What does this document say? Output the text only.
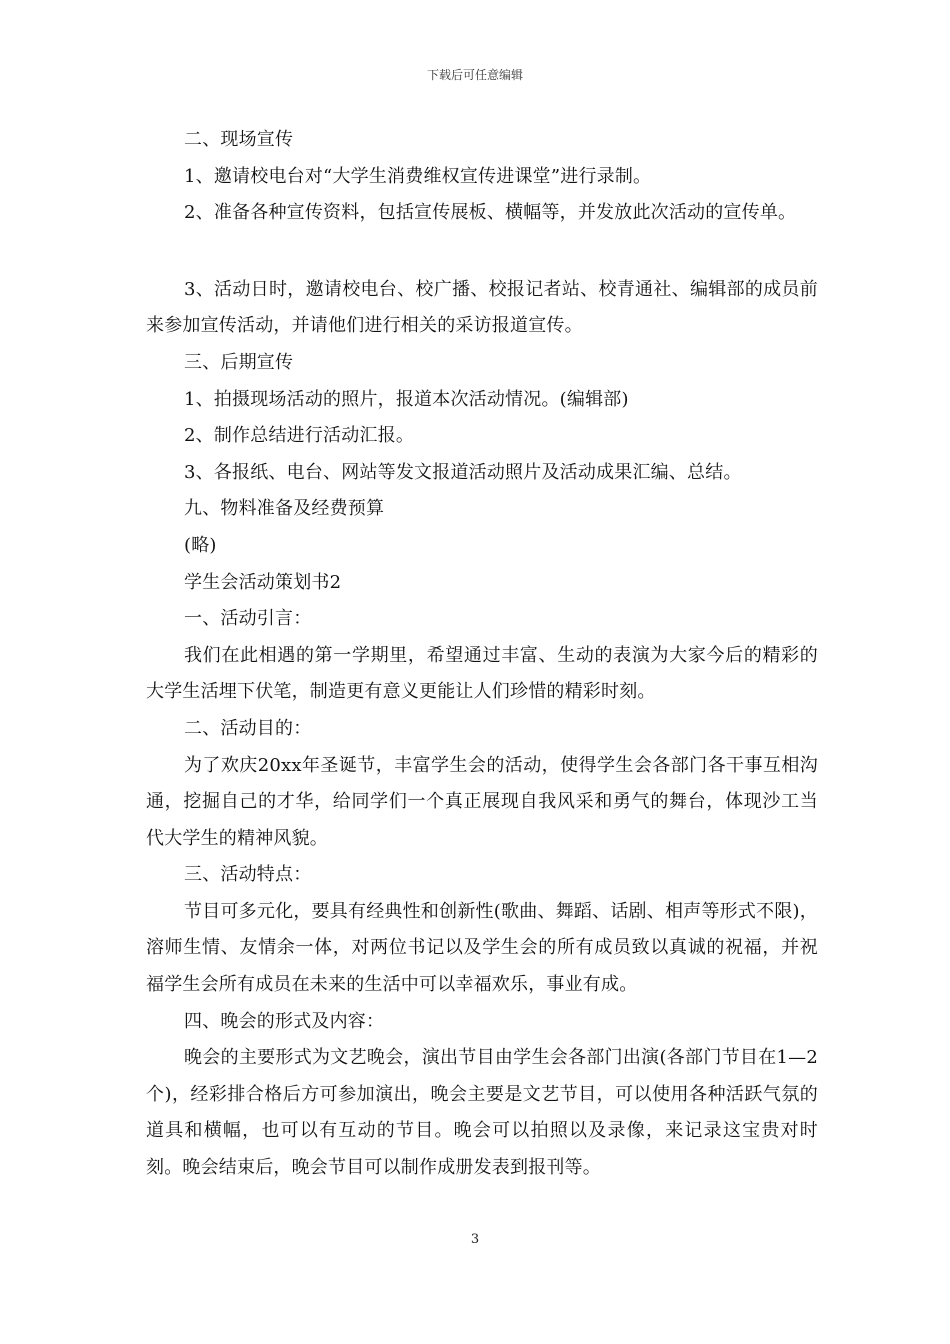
下载后可任意编辑

二、现场宣传

1、邀请校电台对“大学生消费维权宣传进课堂”进行录制。

2、准备各种宣传资料，包括宣传展板、横幅等，并发放此次活动的宣传单。

3、活动日时，邀请校电台、校广播、校报记者站、校青通社、编辑部的成员前来参加宣传活动，并请他们进行相关的采访报道宣传。

三、后期宣传

1、拍摄现场活动的照片，报道本次活动情况。(编辑部)

2、制作总结进行活动汇报。

3、各报纸、电台、网站等发文报道活动照片及活动成果汇编、总结。

九、物料准备及经费预算

(略)

学生会活动策划书2

一、活动引言：

我们在此相遇的第一学期里，希望通过丰富、生动的表演为大家今后的精彩的大学生活埋下伏笔，制造更有意义更能让人们珍惜的精彩时刻。

二、活动目的：

为了欢庆20xx年圣诞节，丰富学生会的活动，使得学生会各部门各干事互相沟通，挖掘自己的才华，给同学们一个真正展现自我风采和勇气的舞台，体现沙工当代大学生的精神风貌。

三、活动特点：

节目可多元化，要具有经典性和创新性(歌曲、舞蹈、话剧、相声等形式不限)，溶师生情、友情余一体，对两位书记以及学生会的所有成员致以真诚的祝福，并祝福学生会所有成员在未来的生活中可以幸福欢乐，事业有成。

四、晚会的形式及内容：

晚会的主要形式为文艺晚会，演出节目由学生会各部门出演(各部门节目在1—2个)，经彩排合格后方可参加演出，晚会主要是文艺节目，可以使用各种活跃气氛的道具和横幅，也可以有互动的节目。晚会可以拍照以及录像，来记录这宝贵对时刻。晚会结束后，晚会节目可以制作成册发表到报刊等。

3
